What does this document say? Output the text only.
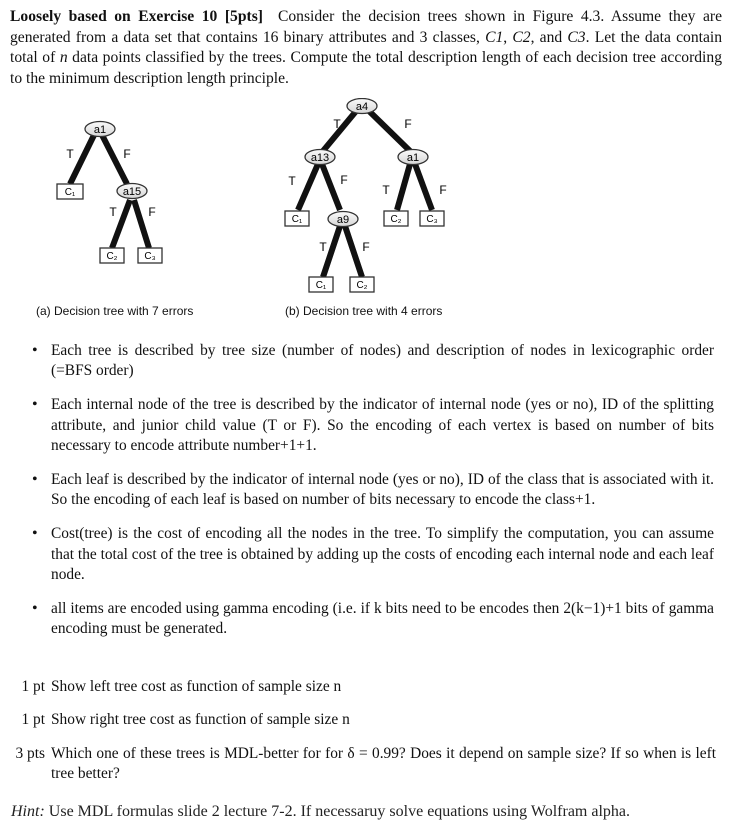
Loosely based on Exercise 10 [5pts] Consider the decision trees shown in Figure 4.3. Assume they are generated from a data set that contains 16 binary attributes and 3 classes, C1, C2, and C3. Let the data contain total of n data points classified by the trees. Compute the total description length of each decision tree according to the minimum description length principle.
a1
T	F
C₁	a15
T	F
C₂	C₃
a4
T	F
a13	a1
T	F
T	F
C₁	a9	C₂ C₃
T	F
C₁	C₂
(a) Decision tree with 7 errors	(b) Decision tree with 4 errors
• Each tree is described by tree size (number of nodes) and description of nodes in lexicographic order (=BFS order)
• Each internal node of the tree is described by the indicator of internal node (yes or no), ID of the splitting attribute, and junior child value (T or F). So the encoding of each vertex is based on number of bits necessary to encode attribute number+1+1.
• Each leaf is described by the indicator of internal node (yes or no), ID of the class that is associated with it. So the encoding of each leaf is based on number of bits necessary to encode the class+1.
• Cost(tree) is the cost of encoding all the nodes in the tree. To simplify the computation, you can assume that the total cost of the tree is obtained by adding up the costs of encoding each internal node and each leaf node.
• all items are encoded using gamma encoding (i.e. if k bits need to be encodes then 2(k−1)+1 bits of gamma encoding must be generated.
1 pt Show left tree cost as function of sample size n
1 pt Show right tree cost as function of sample size n
3 pts Which one of these trees is MDL-better for for δ = 0.99? Does it depend on sample size? If so when is left tree better?
Hint: Use MDL formulas slide 2 lecture 7-2. If necessaruy solve equations using Wolfram alpha.
